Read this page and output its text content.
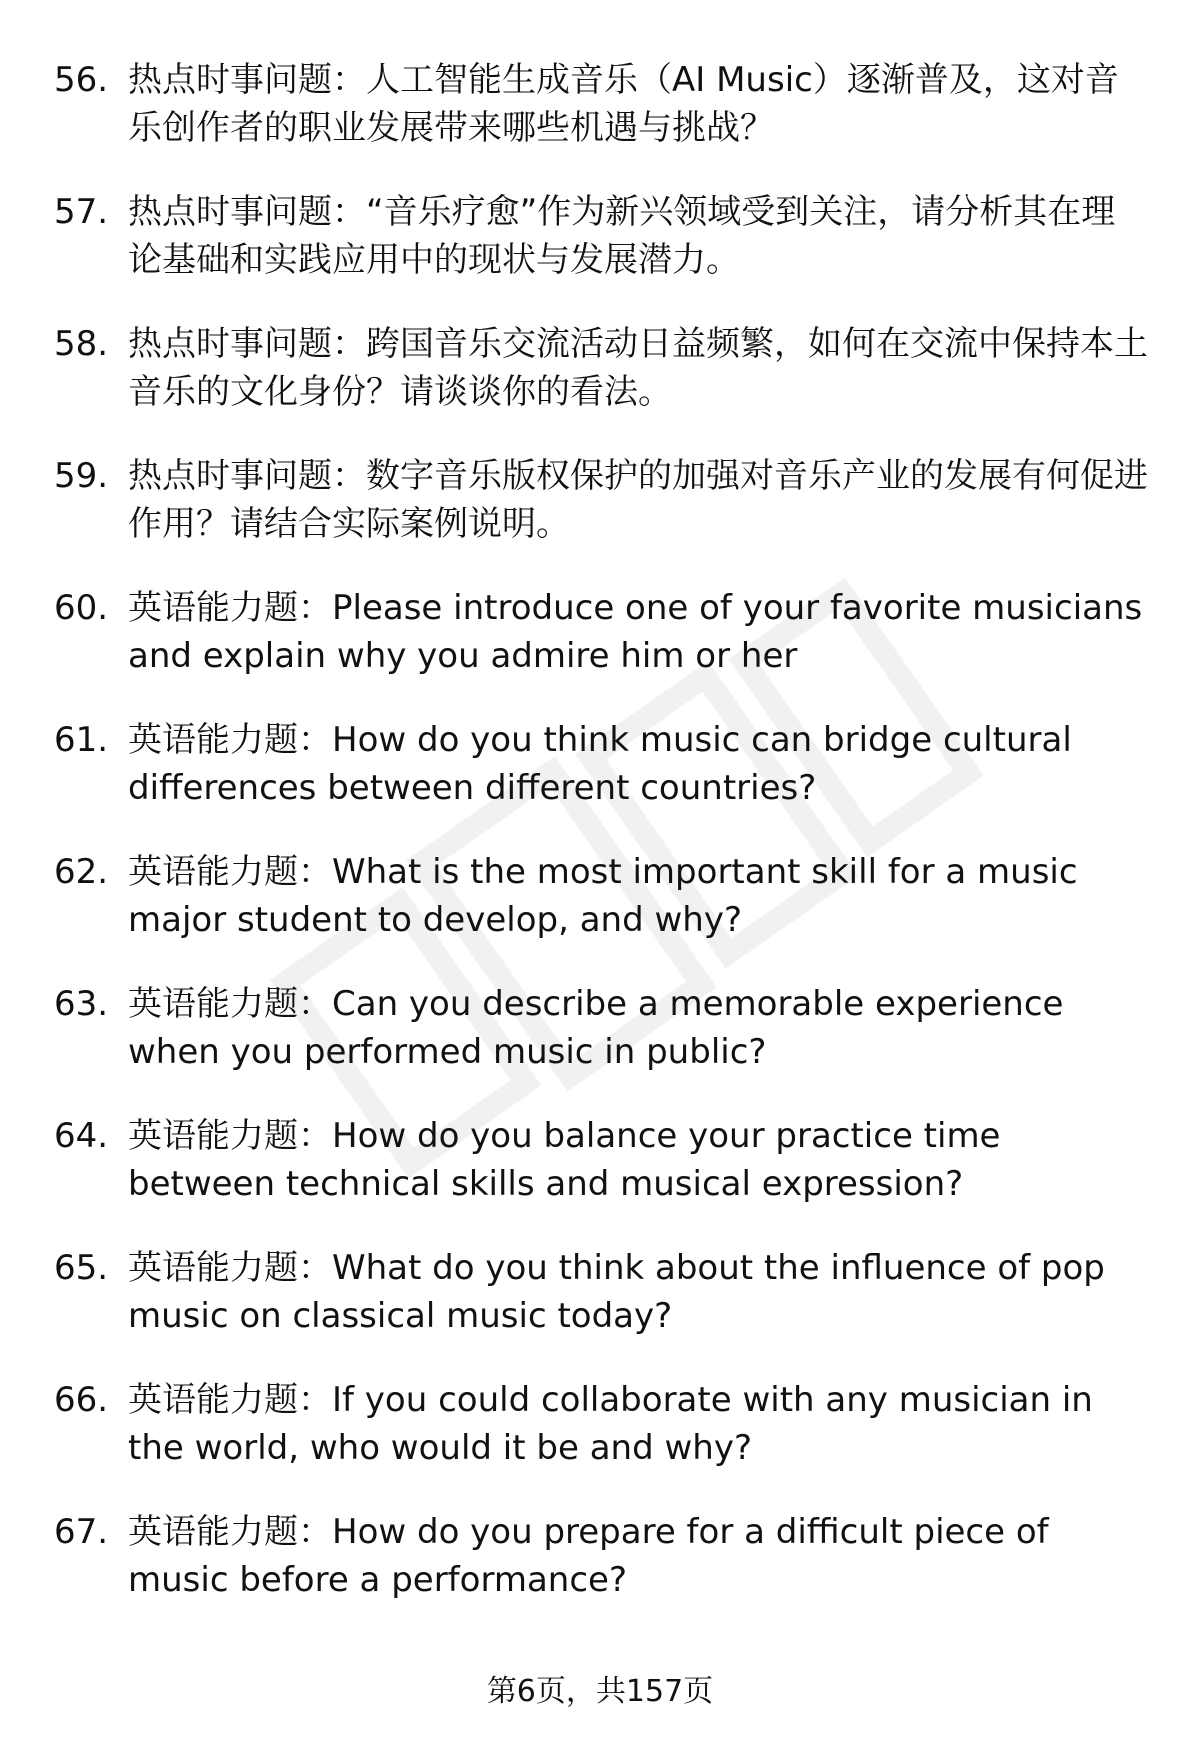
56. 热点时事问题：人工智能生成音乐（AI Music）逐渐普及，这对音乐创作者的职业发展带来哪些机遇与挑战？
57. 热点时事问题：“音乐疗愈”作为新兴领域受到关注，请分析其在理论基础和实践应用中的现状与发展潜力。
58. 热点时事问题：跨国音乐交流活动日益频繁，如何在交流中保持本土音乐的文化身份？请谈谈你的看法。
59. 热点时事问题：数字音乐版权保护的加强对音乐产业的发展有何促进作用？请结合实际案例说明。
60. 英语能力题：Please introduce one of your favorite musicians and explain why you admire him or her
61. 英语能力题：How do you think music can bridge cultural differences between different countries?
62. 英语能力题：What is the most important skill for a music major student to develop, and why?
63. 英语能力题：Can you describe a memorable experience when you performed music in public?
64. 英语能力题：How do you balance your practice time between technical skills and musical expression?
65. 英语能力题：What do you think about the influence of pop music on classical music today?
66. 英语能力题：If you could collaborate with any musician in the world, who would it be and why?
67. 英语能力题：How do you prepare for a difficult piece of music before a performance?
第6页，共157页
